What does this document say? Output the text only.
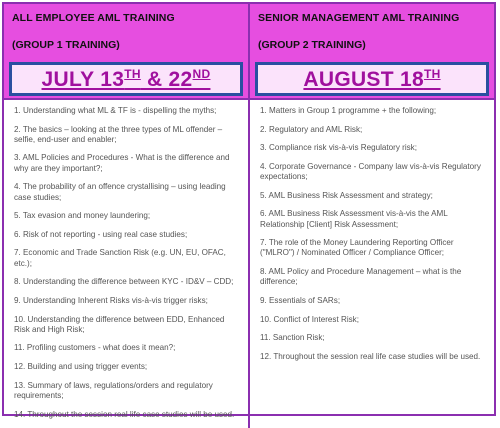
ALL EMPLOYEE AML TRAINING
(GROUP 1 TRAINING)
JULY 13TH & 22ND
1. Understanding what ML & TF is - dispelling the myths;
2. The basics – looking at the three types of ML offender – selfie, end-user and enabler;
3. AML Policies and Procedures - What is the difference and why are they important?;
4. The probability of an offence crystallising – using leading case studies;
5. Tax evasion and money laundering;
6. Risk of not reporting - using real case studies;
7. Economic and Trade Sanction Risk (e.g. UN, EU, OFAC, etc.);
8. Understanding the difference between KYC - ID&V – CDD;
9. Understanding Inherent Risks vis-à-vis trigger risks;
10. Understanding the difference between EDD, Enhanced Risk and High Risk;
11. Profiling customers - what does it mean?;
12. Building and using trigger events;
13. Summary of laws, regulations/orders and regulatory requirements;
14. Throughout the session real life case studies will be used.
SENIOR MANAGEMENT AML TRAINING
(GROUP 2 TRAINING)
AUGUST 18TH
1. Matters in Group 1 programme + the following;
2. Regulatory and AML Risk;
3. Compliance risk vis-à-vis Regulatory risk;
4. Corporate Governance - Company law vis-à-vis Regulatory expectations;
5. AML Business Risk Assessment and strategy;
6. AML Business Risk Assessment vis-à-vis the AML Relationship [Client] Risk Assessment;
7. The role of the Money Laundering Reporting Officer ("MLRO") / Nominated Officer / Compliance Officer;
8. AML Policy and Procedure Management – what is the difference;
9. Essentials of SARs;
10. Conflict of Interest Risk;
11. Sanction Risk;
12. Throughout the session real life case studies will be used.
